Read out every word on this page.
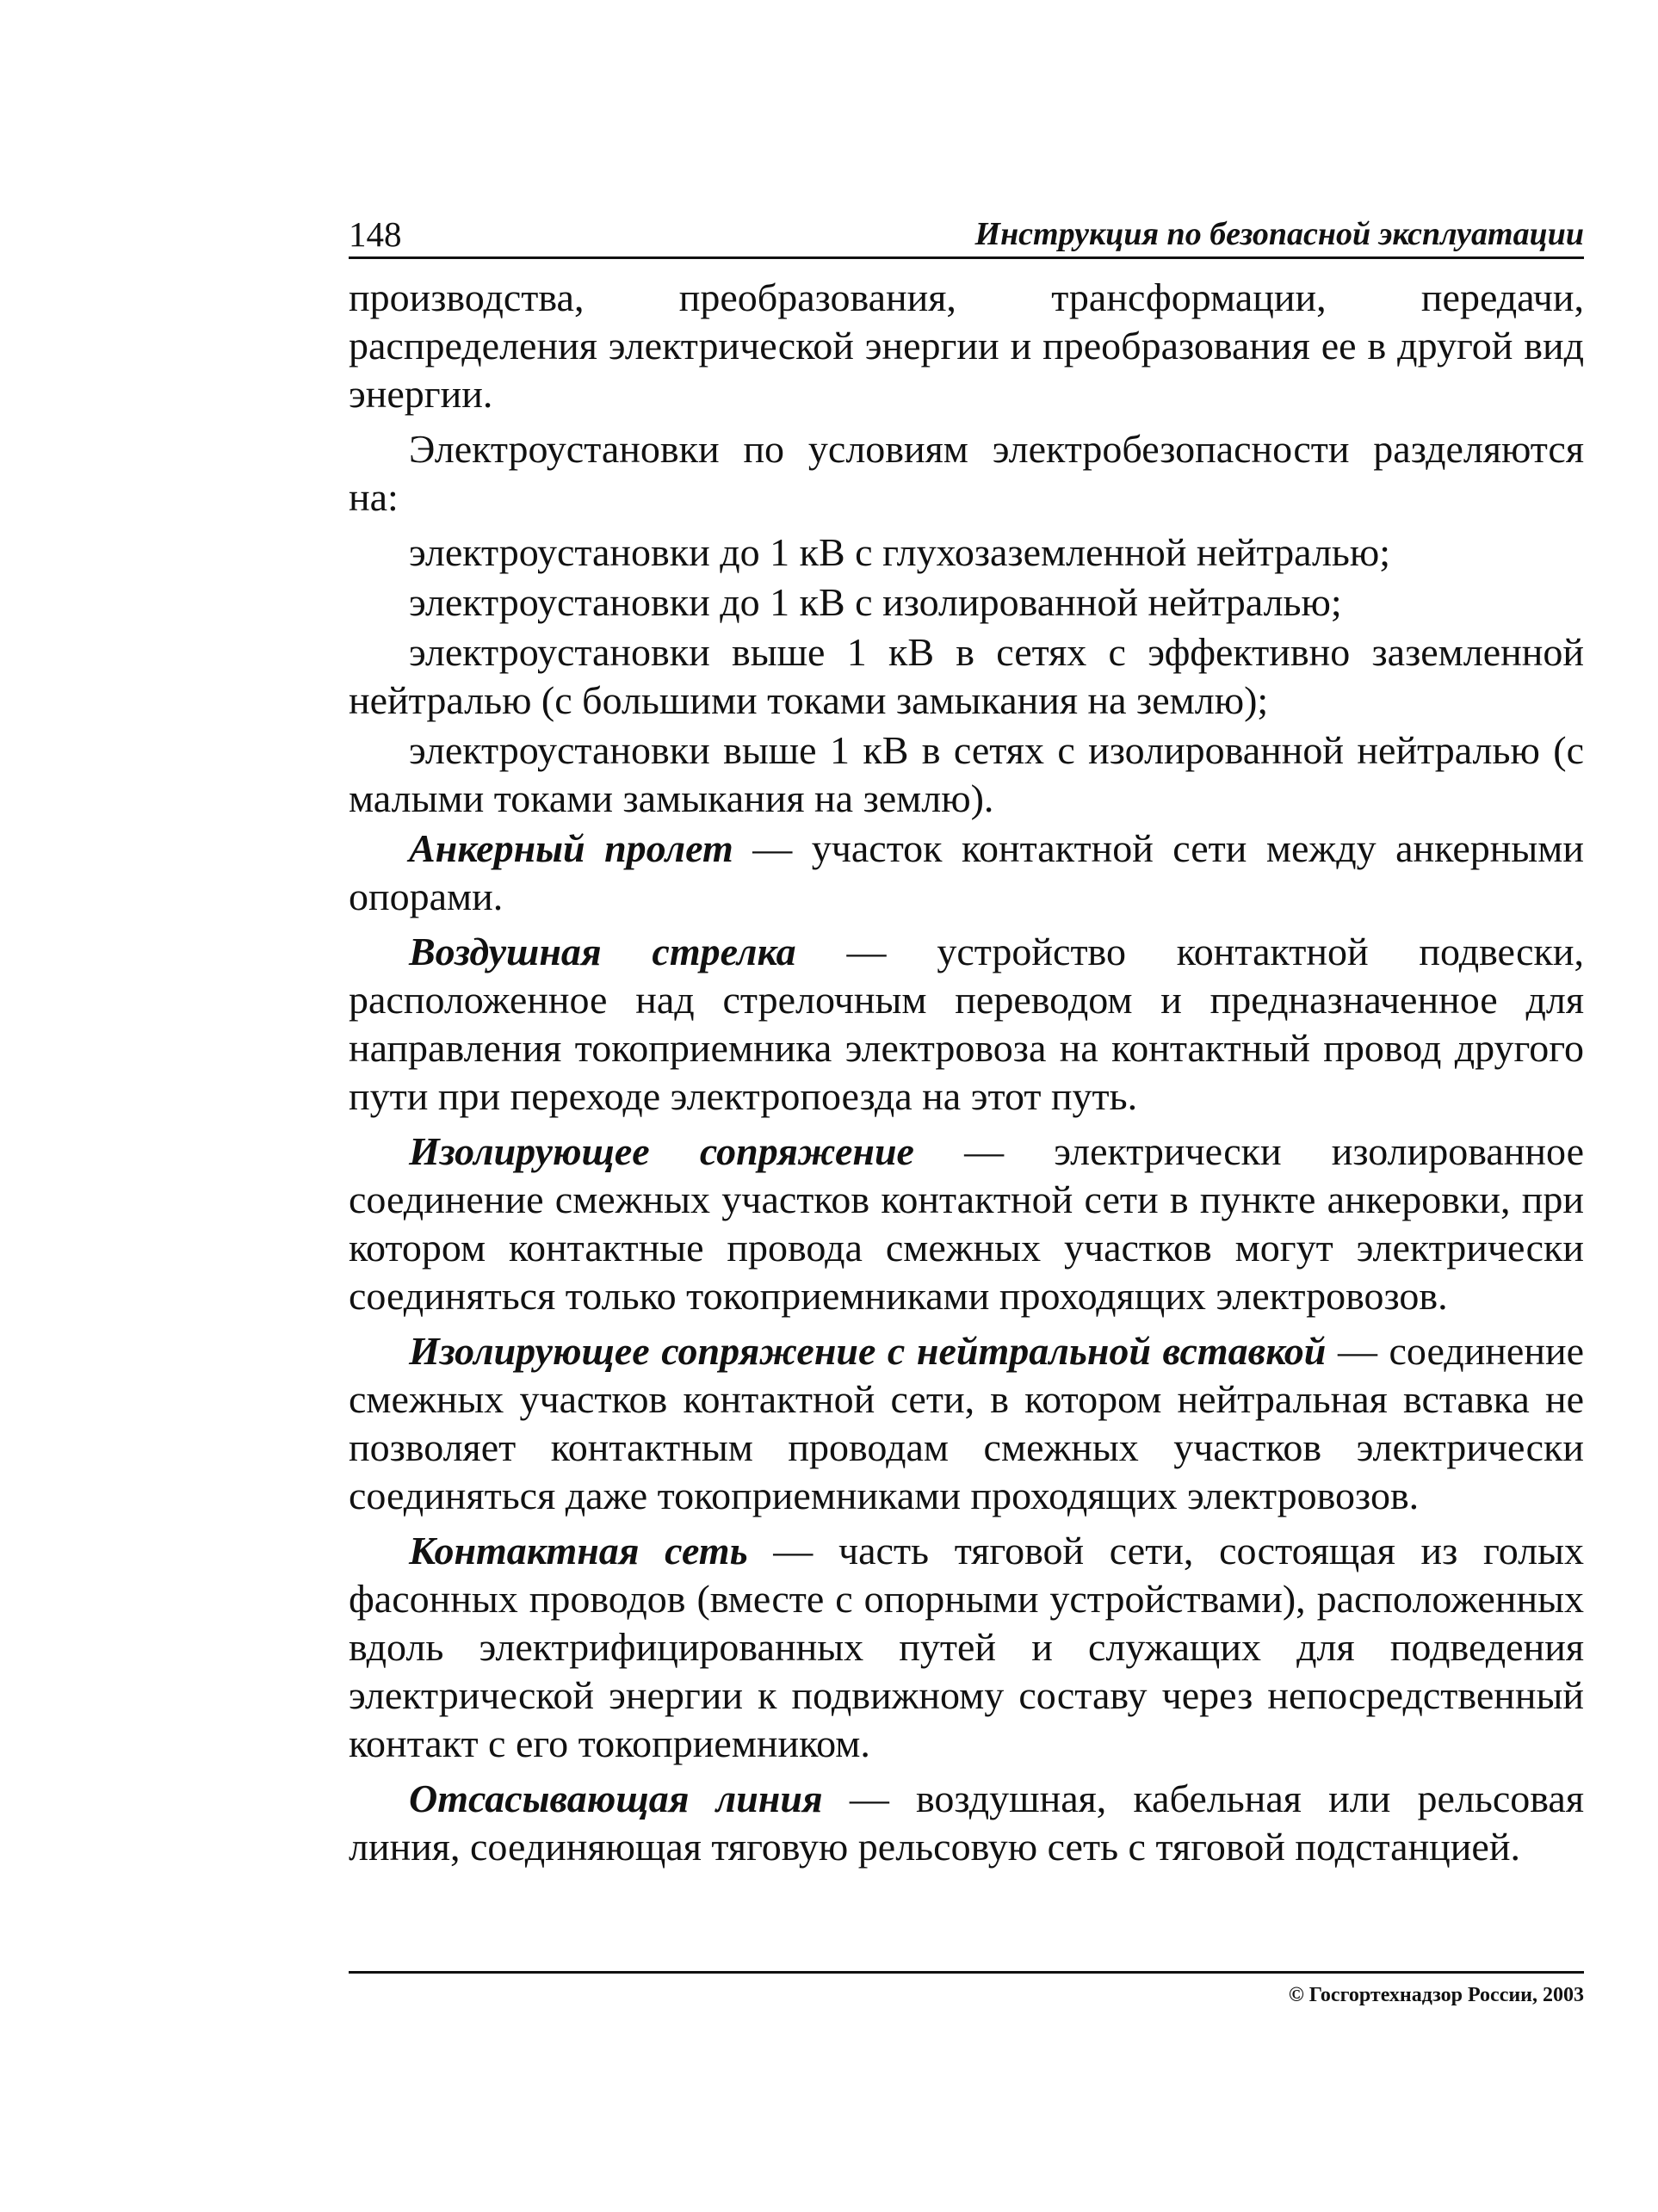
148	Инструкция по безопасной эксплуатации

производства, преобразования, трансформации, передачи, распределения электрической энергии и преобразования ее в другой вид энергии.

Электроустановки по условиям электробезопасности разделяются на:

электроустановки до 1 кВ с глухозаземленной нейтралью;

электроустановки до 1 кВ с изолированной нейтралью;

электроустановки выше 1 кВ в сетях с эффективно заземленной нейтралью (с большими токами замыкания на землю);

электроустановки выше 1 кВ в сетях с изолированной нейтралью (с малыми токами замыкания на землю).

Анкерный пролет — участок контактной сети между анкерными опорами.

Воздушная стрелка — устройство контактной подвески, расположенное над стрелочным переводом и предназначенное для направления токоприемника электровоза на контактный провод другого пути при переходе электропоезда на этот путь.

Изолирующее сопряжение — электрически изолированное соединение смежных участков контактной сети в пункте анкеровки, при котором контактные провода смежных участков могут электрически соединяться только токоприемниками проходящих электровозов.

Изолирующее сопряжение с нейтральной вставкой — соединение смежных участков контактной сети, в котором нейтральная вставка не позволяет контактным проводам смежных участков электрически соединяться даже токоприемниками проходящих электровозов.

Контактная сеть — часть тяговой сети, состоящая из голых фасонных проводов (вместе с опорными устройствами), расположенных вдоль электрифицированных путей и служащих для подведения электрической энергии к подвижному составу через непосредственный контакт с его токоприемником.

Отсасывающая линия — воздушная, кабельная или рельсовая линия, соединяющая тяговую рельсовую сеть с тяговой подстанцией.

© Госгортехнадзор России, 2003
